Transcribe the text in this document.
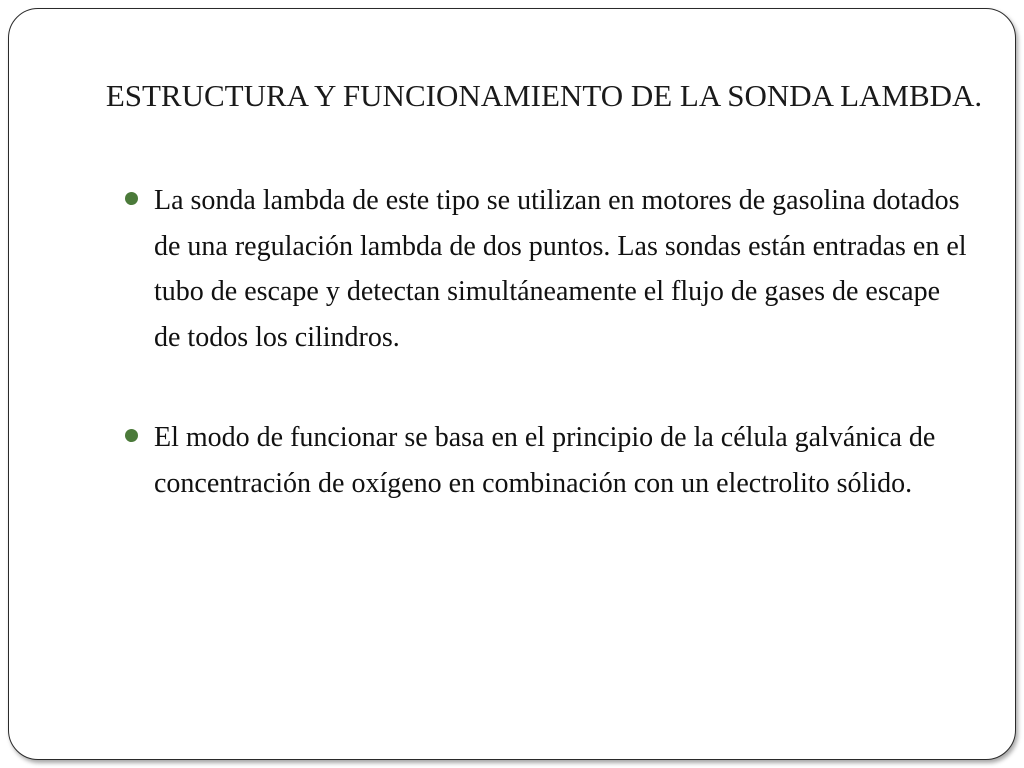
ESTRUCTURA Y FUNCIONAMIENTO DE LA SONDA LAMBDA.
La sonda lambda de este tipo se utilizan en motores de gasolina dotados de una regulación lambda de dos puntos. Las sondas están entradas en el tubo de escape y detectan simultáneamente el flujo de gases de escape de todos los cilindros.
El modo de funcionar se basa en el principio de la célula galvánica de concentración de oxígeno en combinación con un electrolito sólido.
